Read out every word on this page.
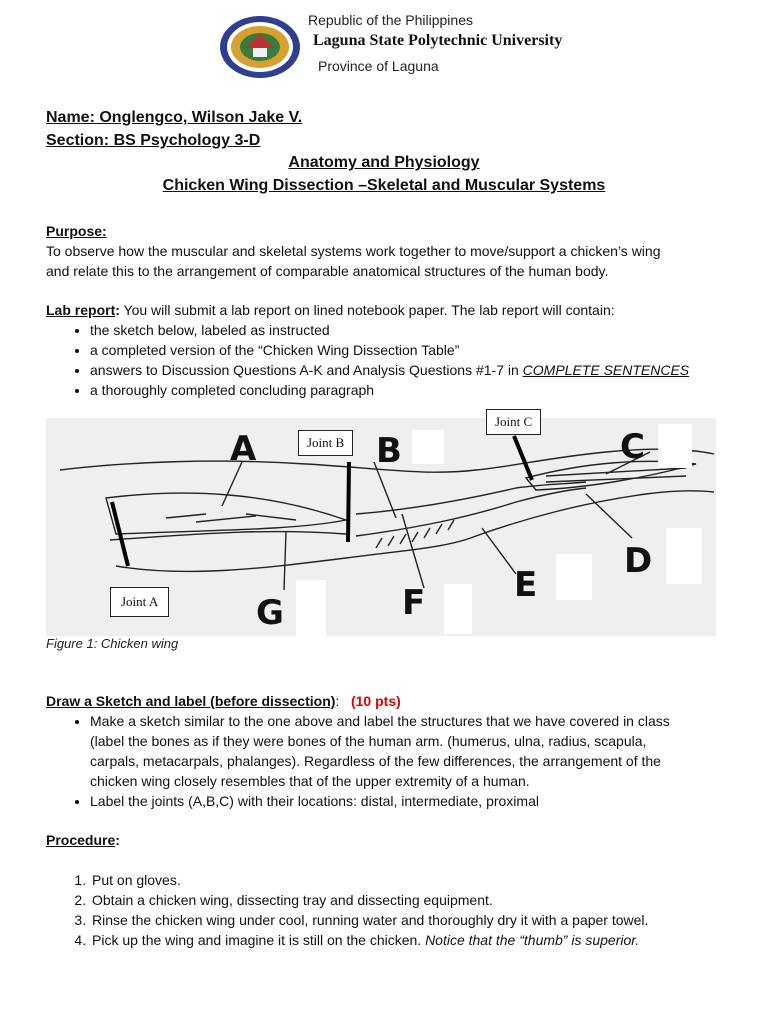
Republic of the Philippines
Laguna State Polytechnic University
Province of Laguna
Name: Onglengco, Wilson Jake V.
Section: BS Psychology 3-D
Anatomy and Physiology
Chicken Wing Dissection –Skeletal and Muscular Systems
Purpose:
To observe how the muscular and skeletal systems work together to move/support a chicken’s wing
and relate this to the arrangement of comparable anatomical structures of the human body.
Lab report: You will submit a lab report on lined notebook paper. The lab report will contain:
• the sketch below, labeled as instructed
• a completed version of the “Chicken Wing Dissection Table”
• answers to Discussion Questions A-K and Analysis Questions #1-7 in COMPLETE SENTENCES
• a thoroughly completed concluding paragraph
A	B	C
D
E
F
G
Joint B
Joint C
Joint A
Figure 1: Chicken wing
Draw a Sketch and label (before dissection): (10 pts)
• Make a sketch similar to the one above and label the structures that we have covered in class
(label the bones as if they were bones of the human arm. (humerus, ulna, radius, scapula,
carpals, metacarpals, phalanges). Regardless of the few differences, the arrangement of the
chicken wing closely resembles that of the upper extremity of a human.
• Label the joints (A,B,C) with their locations: distal, intermediate, proximal
Procedure:
1. Put on gloves.
2. Obtain a chicken wing, dissecting tray and dissecting equipment.
3. Rinse the chicken wing under cool, running water and thoroughly dry it with a paper towel.
4. Pick up the wing and imagine it is still on the chicken. Notice that the “thumb” is superior.
